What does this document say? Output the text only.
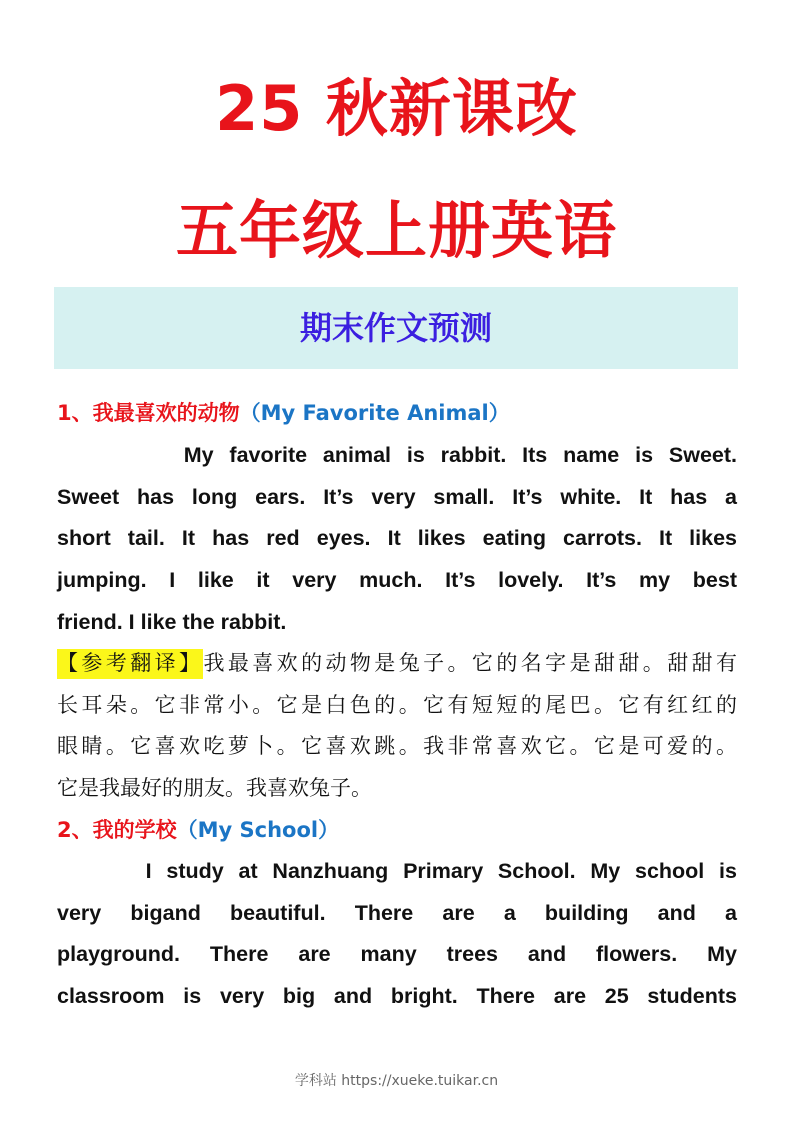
25 秋新课改
五年级上册英语
期末作文预测
1、我最喜欢的动物（My Favorite Animal）
My favorite animal is rabbit. Its name is Sweet.
Sweet has long ears. It’s very small. It’s white. It has a
short tail. It has red eyes. It likes eating carrots. It likes
jumping. I like it very much. It’s lovely. It’s my best
friend. I like the rabbit.
【参考翻译】我最喜欢的动物是兔子。它的名字是甜甜。甜甜有
长耳朵。它非常小。它是白色的。它有短短的尾巴。它有红红的
眼睛。它喜欢吃萝卜。它喜欢跳。我非常喜欢它。它是可爱的。
它是我最好的朋友。我喜欢兔子。
2、我的学校（My School）
I study at Nanzhuang Primary School. My school is
very bigand beautiful. There are a building and a
playground. There are many trees and flowers. My
classroom is very big and bright. There are 25 students
学科站 https://xueke.tuikar.cn
